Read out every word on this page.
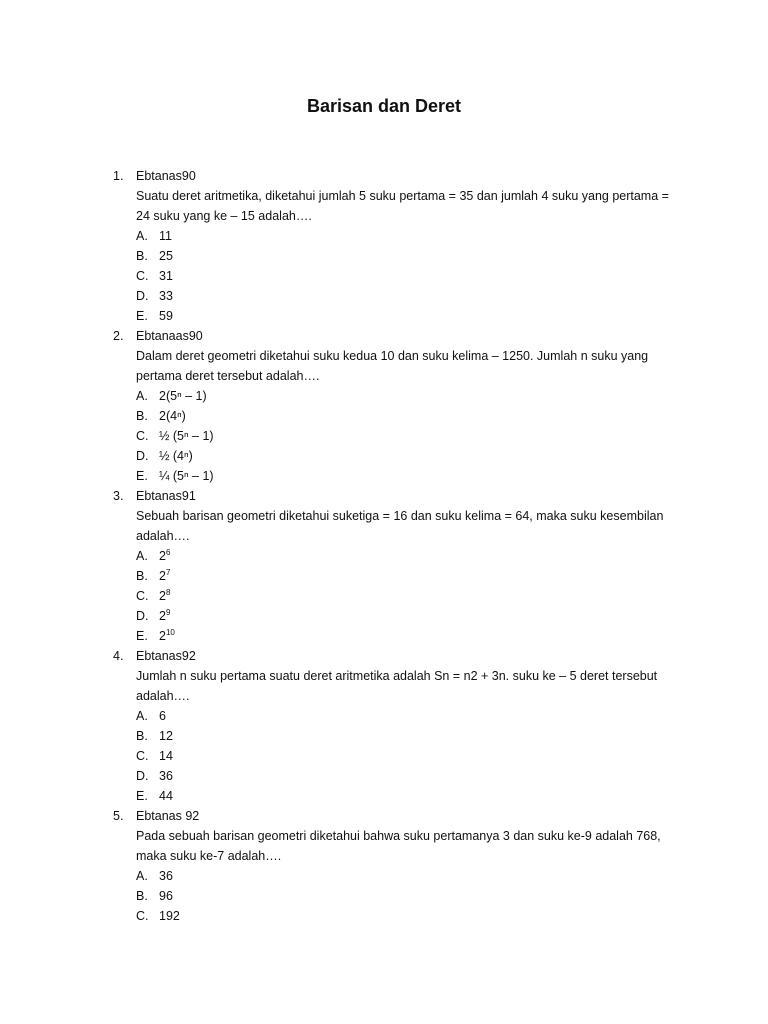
Barisan dan Deret
1. Ebtanas90
Suatu deret aritmetika, diketahui jumlah 5 suku pertama = 35 dan jumlah 4 suku yang pertama =
24 suku yang ke – 15 adalah….
A. 11
B. 25
C. 31
D. 33
E. 59
2. Ebtanaas90
Dalam deret geometri diketahui suku kedua 10 dan suku kelima – 1250. Jumlah n suku yang
pertama deret tersebut adalah….
A. 2(5ⁿ – 1)
B. 2(4ⁿ)
C. ½ (5ⁿ – 1)
D. ½ (4ⁿ)
E. ¼ (5ⁿ – 1)
3. Ebtanas91
Sebuah barisan geometri diketahui suketiga = 16 dan suku kelima = 64, maka suku kesembilan
adalah….
A. $2^6$
B. $2^7$
C. $2^8$
D. $2^9$
E. $2^{10}$
4. Ebtanas92
Jumlah n suku pertama suatu deret aritmetika adalah Sn = n2 + 3n. suku ke – 5 deret tersebut
adalah….
A. 6
B. 12
C. 14
D. 36
E. 44
5. Ebtanas 92
Pada sebuah barisan geometri diketahui bahwa suku pertamanya 3 dan suku ke-9 adalah 768,
maka suku ke-7 adalah….
A. 36
B. 96
C. 192
